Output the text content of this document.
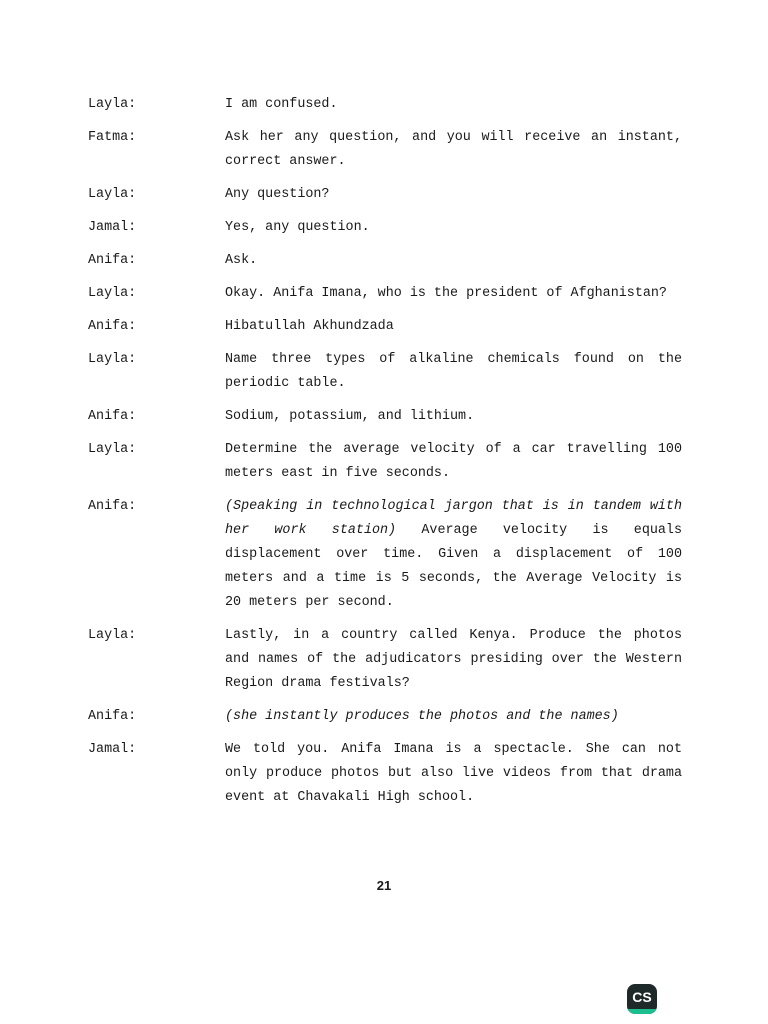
Layla:	I am confused.
Fatma:	Ask her any question, and you will receive an instant, correct answer.
Layla:	Any question?
Jamal:	Yes, any question.
Anifa:	Ask.
Layla:	Okay. Anifa Imana, who is the president of Afghanistan?
Anifa:	Hibatullah Akhundzada
Layla:	Name three types of alkaline chemicals found on the periodic table.
Anifa:	Sodium, potassium, and lithium.
Layla:	Determine the average velocity of a car travelling 100 meters east in five seconds.
Anifa:	(Speaking in technological jargon that is in tandem with her work station) Average velocity is equals displacement over time. Given a displacement of 100 meters and a time is 5 seconds, the Average Velocity is 20 meters per second.
Layla:	Lastly, in a country called Kenya. Produce the photos and names of the adjudicators presiding over the Western Region drama festivals?
Anifa:	(she instantly produces the photos and the names)
Jamal:	We told you. Anifa Imana is a spectacle. She can not only produce photos but also live videos from that drama event at Chavakali High school.
21
CS
